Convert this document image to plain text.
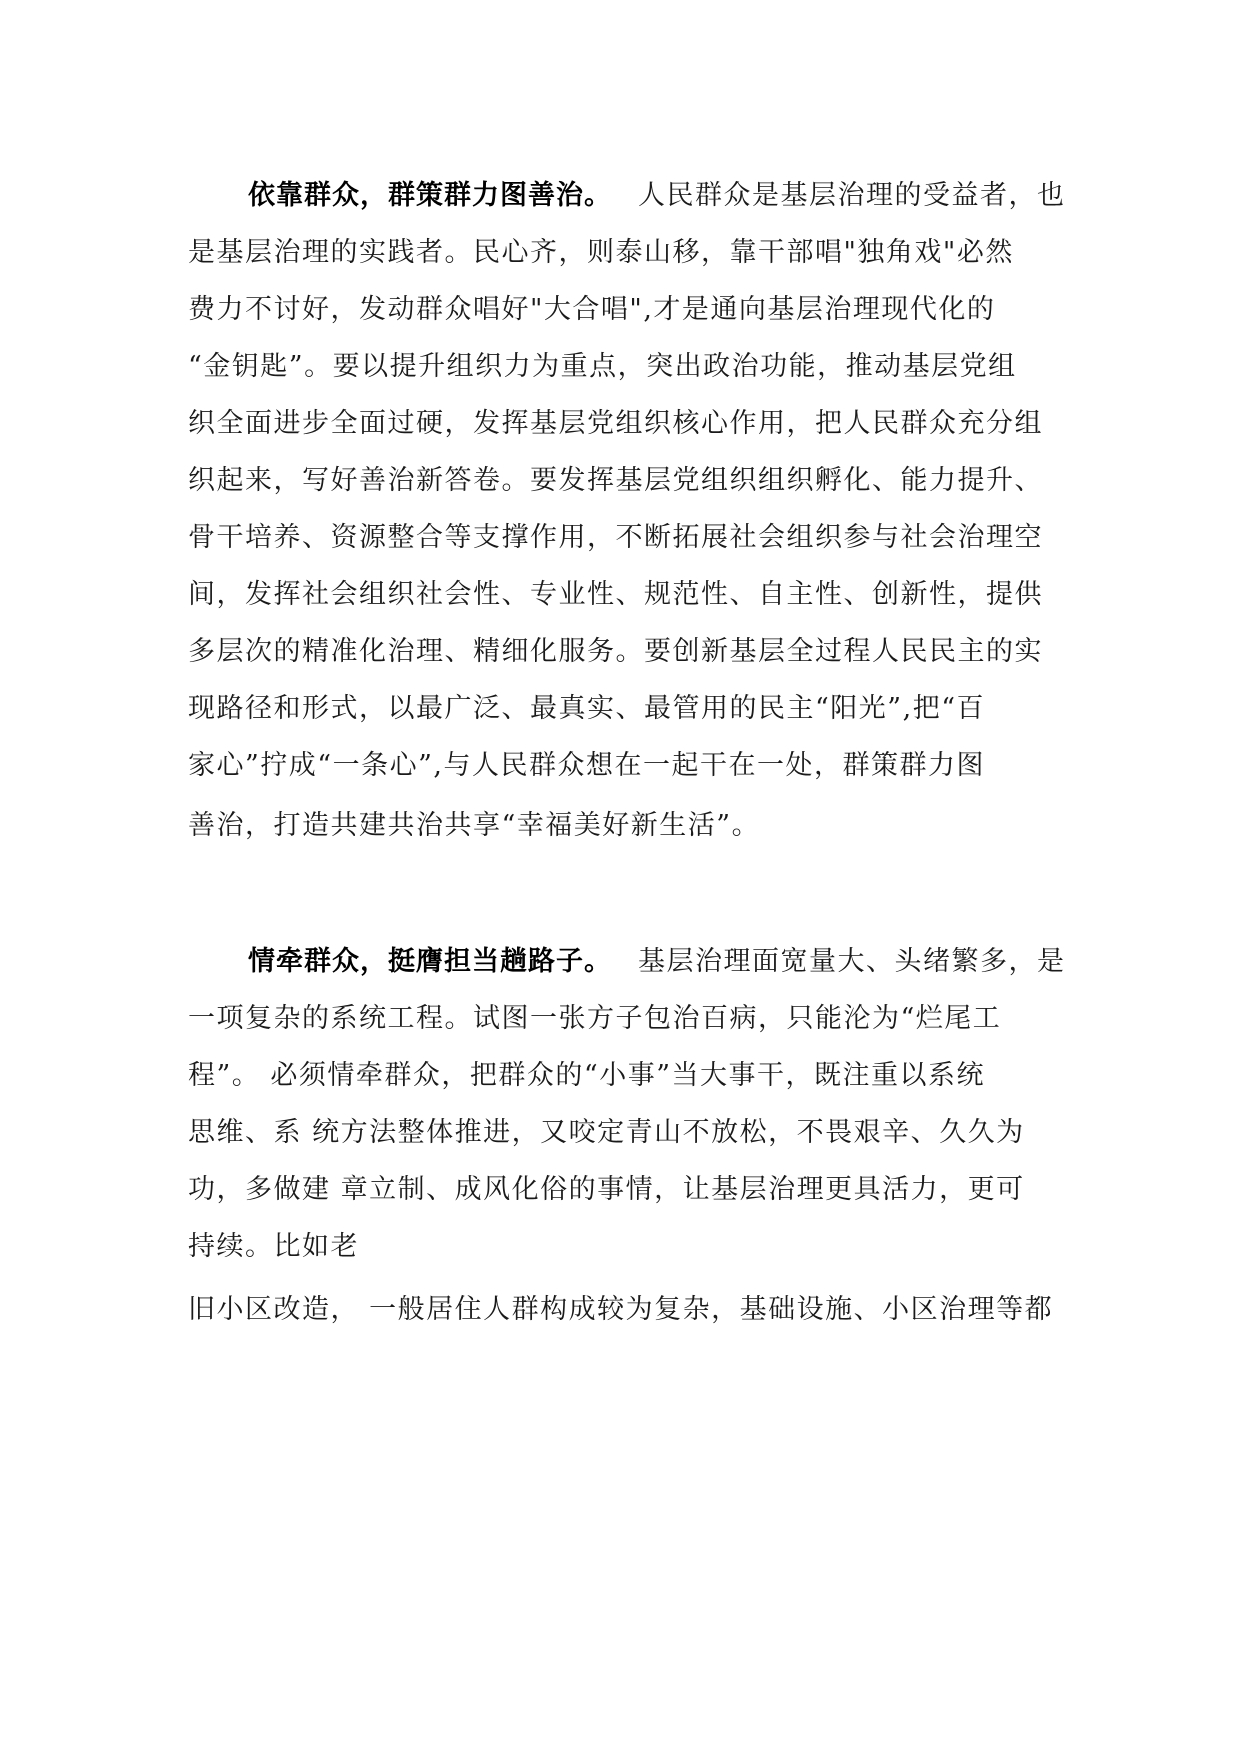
依靠群众，群策群力图善治。 人民群众是基层治理的受益者，也
是基层治理的实践者。民心齐，则泰山移，靠干部唱"独角戏"必然
费力不讨好，发动群众唱好"大合唱",才是通向基层治理现代化的
“金钥匙”。要以提升组织力为重点，突出政治功能，推动基层党组
织全面进步全面过硬，发挥基层党组织核心作用，把人民群众充分组
织起来，写好善治新答卷。要发挥基层党组织组织孵化、能力提升、
骨干培养、资源整合等支撑作用，不断拓展社会组织参与社会治理空
间，发挥社会组织社会性、专业性、规范性、自主性、创新性，提供
多层次的精准化治理、精细化服务。要创新基层全过程人民民主的实
现路径和形式，以最广泛、最真实、最管用的民主“阳光”,把“百
家心”拧成“一条心”,与人民群众想在一起干在一处，群策群力图
善治，打造共建共治共享“幸福美好新生活”。
情牵群众，挺膺担当趟路子。 基层治理面宽量大、头绪繁多，是
一项复杂的系统工程。试图一张方子包治百病，只能沦为“烂尾工
程”。 必须情牵群众，把群众的“小事”当大事干，既注重以系统
思维、系 统方法整体推进，又咬定青山不放松，不畏艰辛、久久为
功，多做建 章立制、成风化俗的事情，让基层治理更具活力，更可
持续。比如老
旧小区改造， 一般居住人群构成较为复杂，基础设施、小区治理等都
